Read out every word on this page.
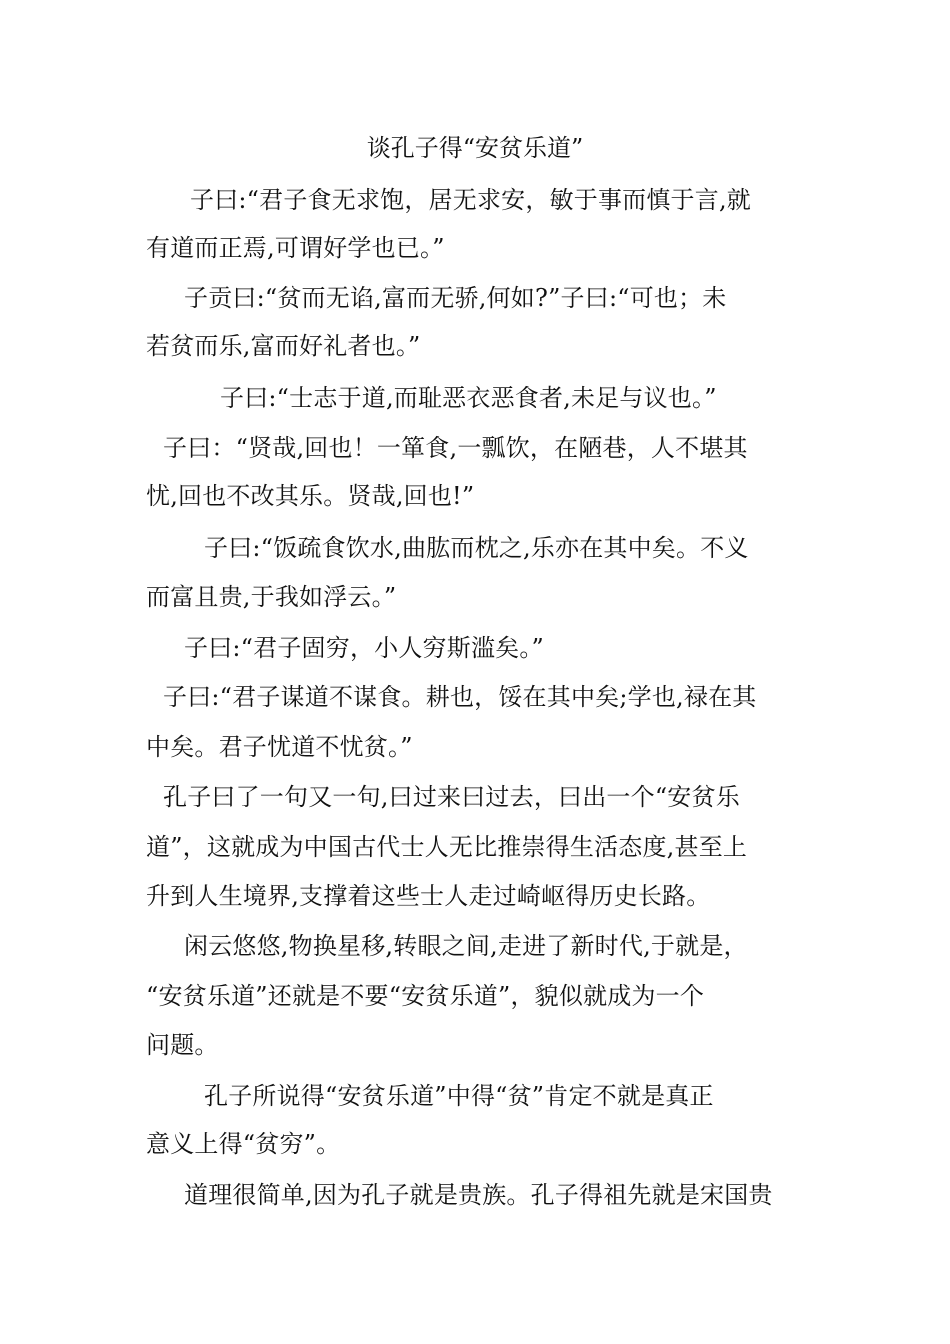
谈孔子得“安贫乐道”
子曰:“君子食无求饱，居无求安，敏于事而慎于言,就
有道而正焉,可谓好学也已。”
子贡曰:“贫而无谄,富而无骄,何如?”子曰:“可也；未
若贫而乐,富而好礼者也。”
子曰:“士志于道,而耻恶衣恶食者,未足与议也。”
子曰：“贤哉,回也！一箪食,一瓢饮，在陋巷，人不堪其
忧,回也不改其乐。贤哉,回也!”
子曰:“饭疏食饮水,曲肱而枕之,乐亦在其中矣。不义
而富且贵,于我如浮云。”
子曰:“君子固穷，小人穷斯滥矣。”
子曰:“君子谋道不谋食。耕也，馁在其中矣;学也,禄在其
中矣。君子忧道不忧贫。”
孔子曰了一句又一句,曰过来曰过去，曰出一个“安贫乐
道”，这就成为中国古代士人无比推崇得生活态度,甚至上
升到人生境界,支撑着这些士人走过崎岖得历史长路。
闲云悠悠,物换星移,转眼之间,走进了新时代,于就是，
“安贫乐道”还就是不要“安贫乐道”，貌似就成为一个
问题。
孔子所说得“安贫乐道”中得“贫”肯定不就是真正
意义上得“贫穷”。
道理很简单,因为孔子就是贵族。孔子得祖先就是宋国贵
